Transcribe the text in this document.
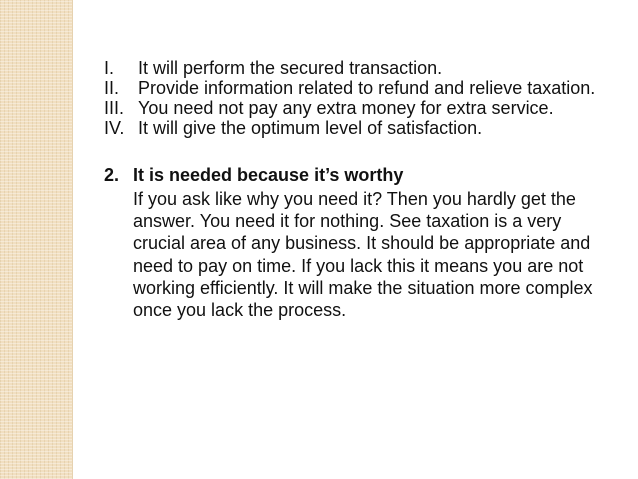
I.	It will perform the secured transaction.
II.	Provide information related to refund and relieve taxation.
III. You need not pay any extra money for extra service.
IV. It will give the optimum level of satisfaction.
2. It is needed because it’s worthy
If you ask like why you need it? Then you hardly get the answer. You need it for nothing. See taxation is a very crucial area of any business. It should be appropriate and need to pay on time. If you lack this it means you are not working efficiently. It will make the situation more complex once you lack the process.
